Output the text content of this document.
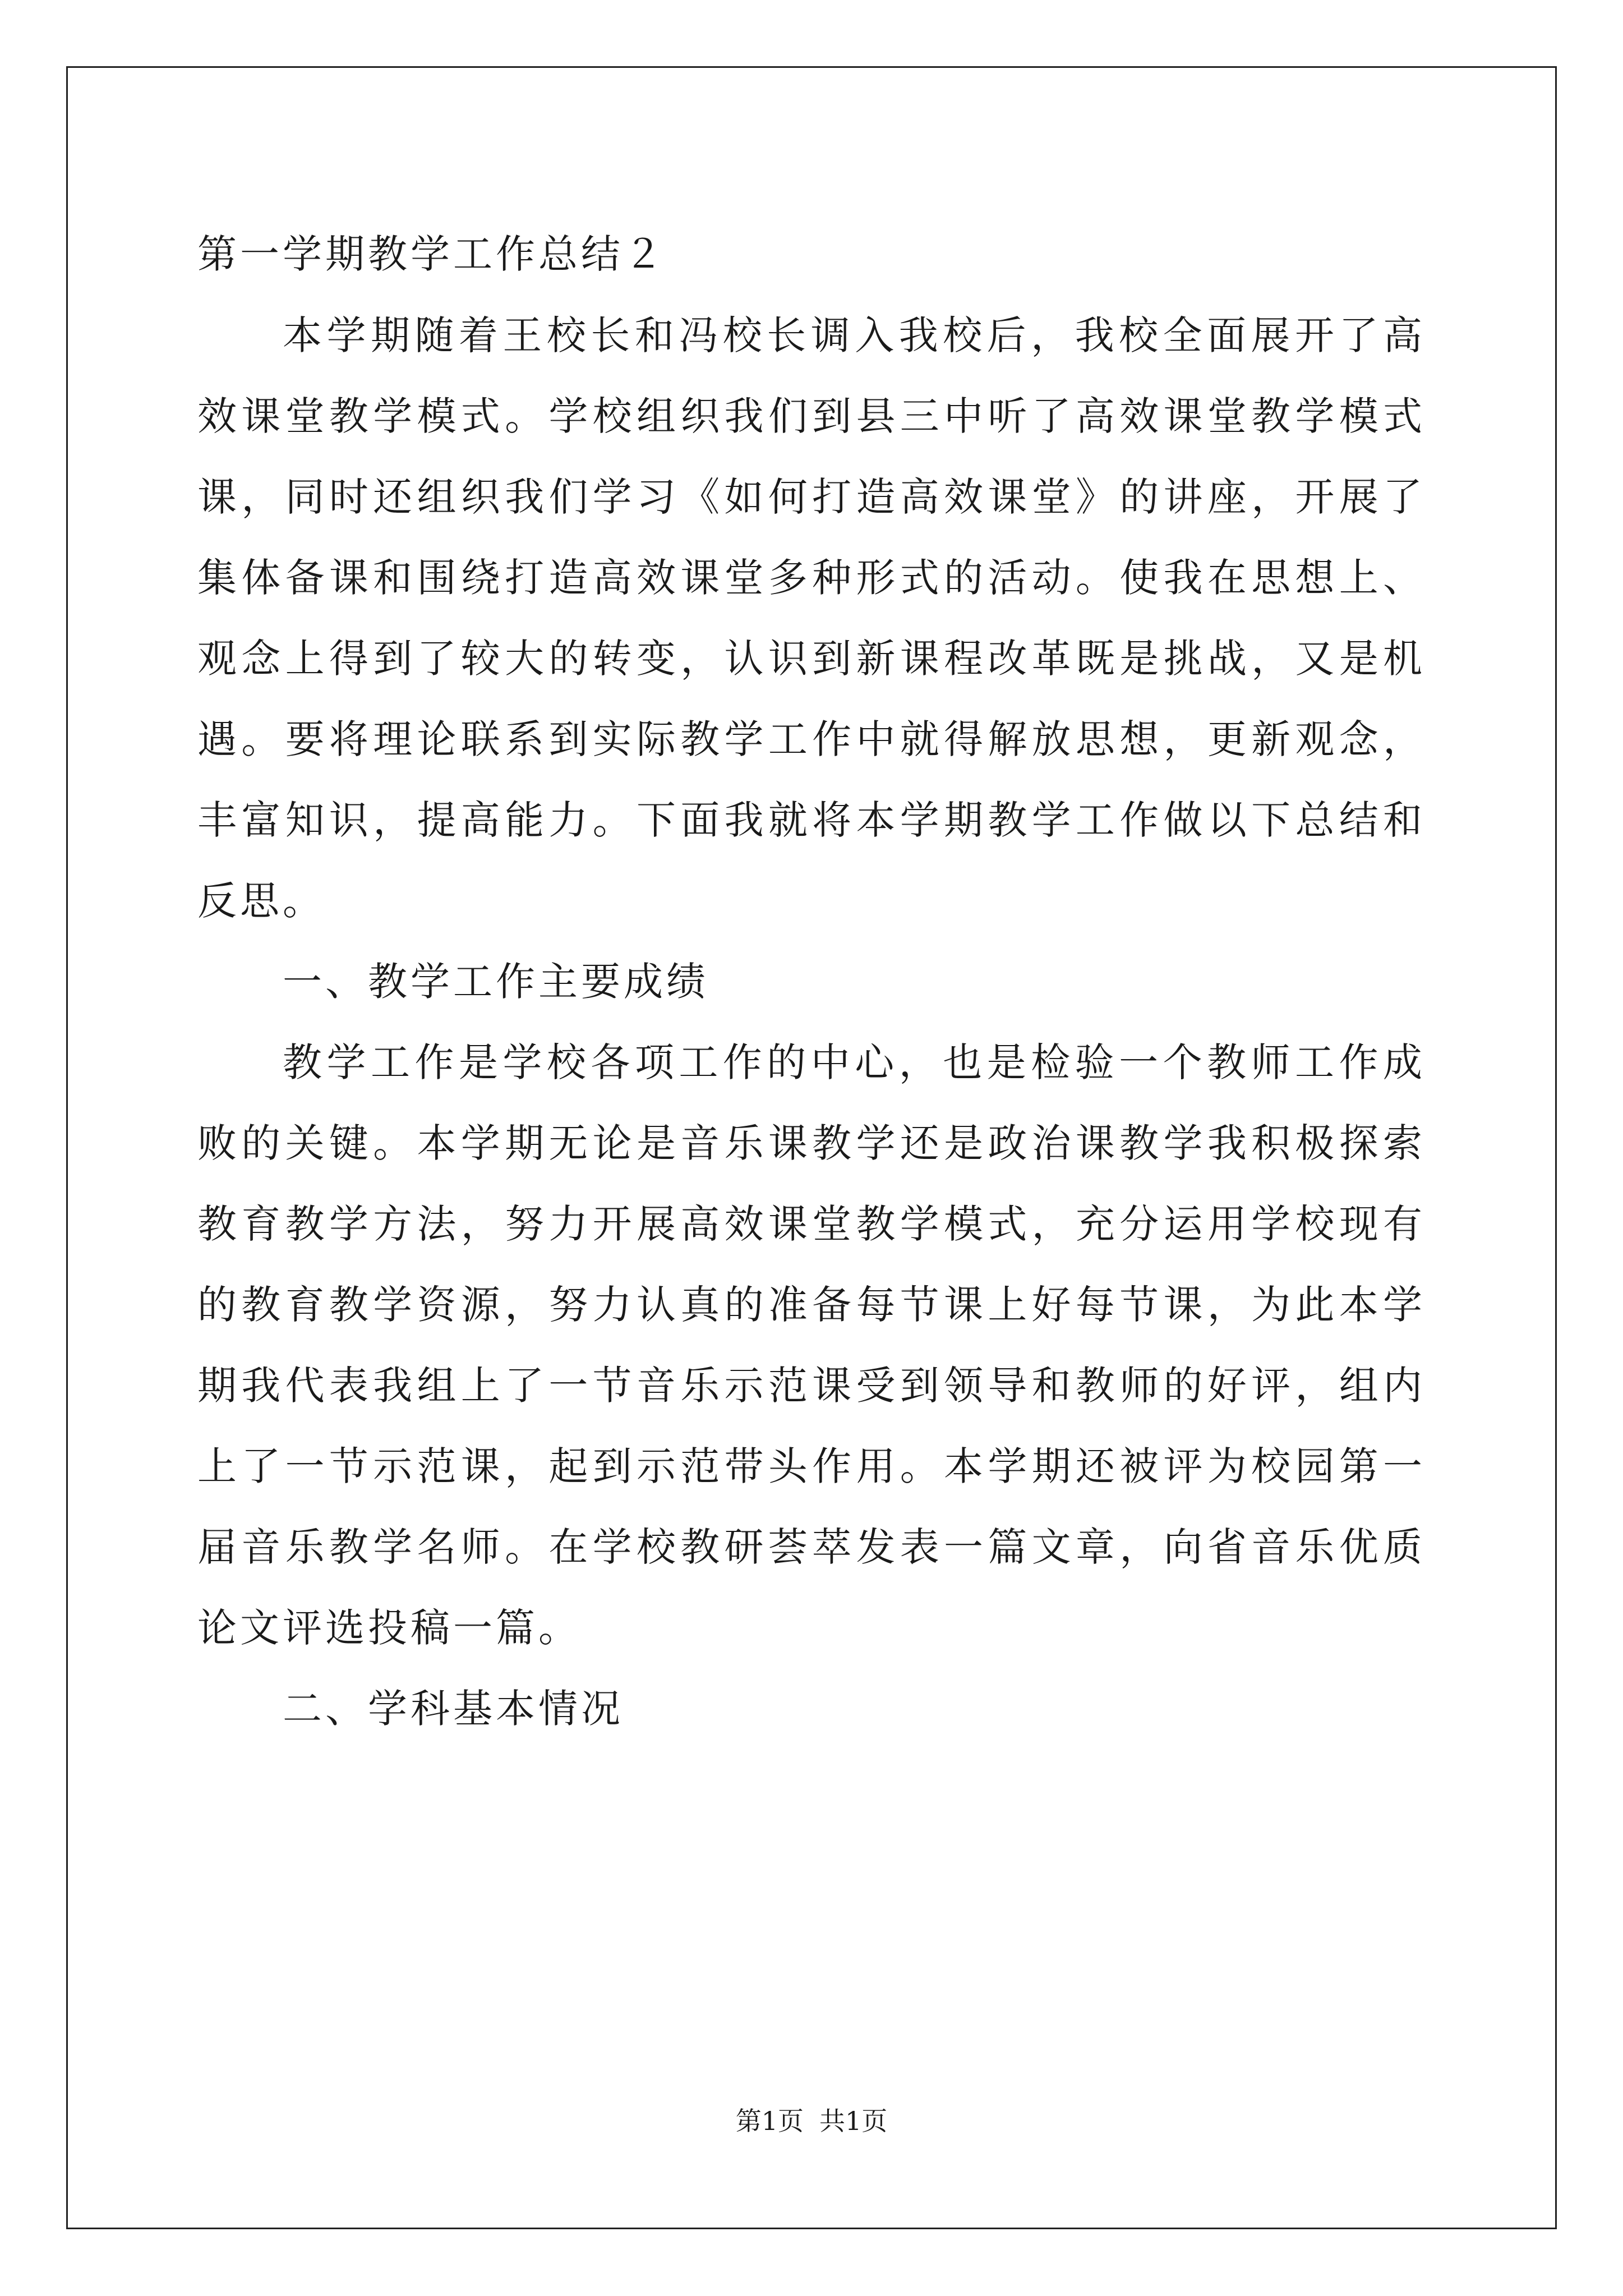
第一学期教学工作总结２

本学期随着王校长和冯校长调入我校后，我校全面展开了高效课堂教学模式。学校组织我们到县三中听了高效课堂教学模式课，同时还组织我们学习《如何打造高效课堂》的讲座，开展了集体备课和围绕打造高效课堂多种形式的活动。使我在思想上、观念上得到了较大的转变，认识到新课程改革既是挑战，又是机遇。要将理论联系到实际教学工作中就得解放思想，更新观念，丰富知识，提高能力。下面我就将本学期教学工作做以下总结和反思。

一、教学工作主要成绩

教学工作是学校各项工作的中心，也是检验一个教师工作成败的关键。本学期无论是音乐课教学还是政治课教学我积极探索教育教学方法，努力开展高效课堂教学模式，充分运用学校现有的教育教学资源，努力认真的准备每节课上好每节课，为此本学期我代表我组上了一节音乐示范课受到领导和教师的好评，组内上了一节示范课，起到示范带头作用。本学期还被评为校园第一届音乐教学名师。在学校教研荟萃发表一篇文章，向省音乐优质论文评选投稿一篇。

二、学科基本情况
第1页 共1页
